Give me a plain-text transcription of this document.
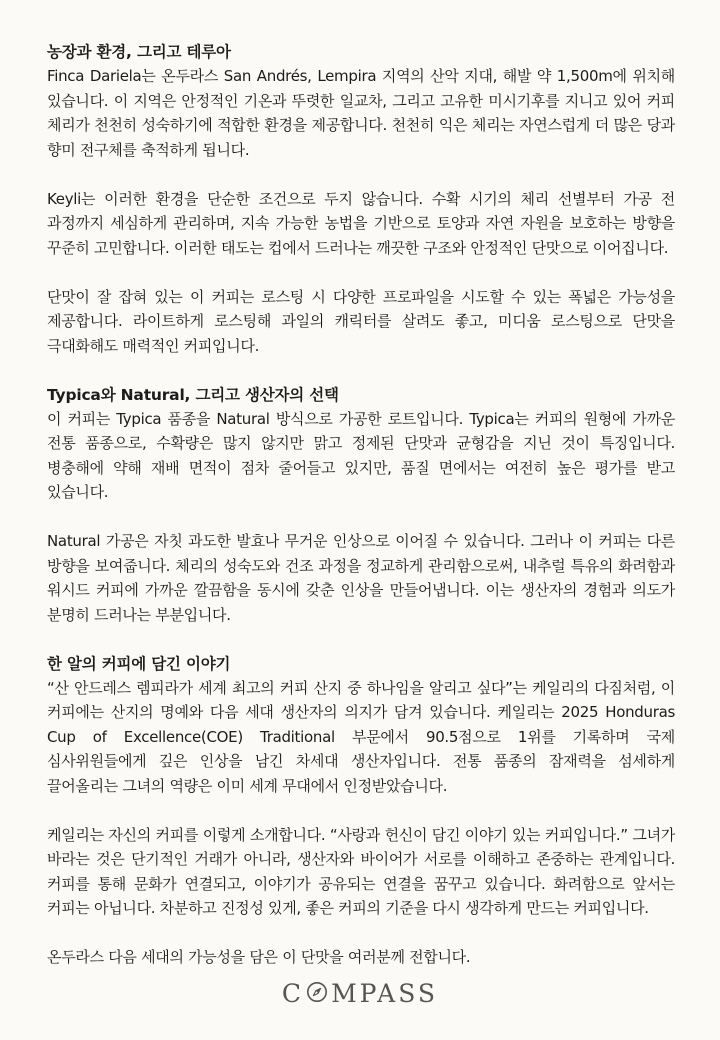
농장과 환경, 그리고 테루아

Finca Dariela는 온두라스 San Andrés, Lempira 지역의 산악 지대, 해발 약 1,500m에 위치해 있습니다. 이 지역은 안정적인 기온과 뚜렷한 일교차, 그리고 고유한 미시기후를 지니고 있어 커피 체리가 천천히 성숙하기에 적합한 환경을 제공합니다. 천천히 익은 체리는 자연스럽게 더 많은 당과 향미 전구체를 축적하게 됩니다.

Keyli는 이러한 환경을 단순한 조건으로 두지 않습니다. 수확 시기의 체리 선별부터 가공 전 과정까지 세심하게 관리하며, 지속 가능한 농법을 기반으로 토양과 자연 자원을 보호하는 방향을 꾸준히 고민합니다. 이러한 태도는 컵에서 드러나는 깨끗한 구조와 안정적인 단맛으로 이어집니다.

단맛이 잘 잡혀 있는 이 커피는 로스팅 시 다양한 프로파일을 시도할 수 있는 폭넓은 가능성을 제공합니다. 라이트하게 로스팅해 과일의 캐릭터를 살려도 좋고, 미디움 로스팅으로 단맛을 극대화해도 매력적인 커피입니다.

Typica와 Natural, 그리고 생산자의 선택

이 커피는 Typica 품종을 Natural 방식으로 가공한 로트입니다. Typica는 커피의 원형에 가까운 전통 품종으로, 수확량은 많지 않지만 맑고 정제된 단맛과 균형감을 지닌 것이 특징입니다. 병충해에 약해 재배 면적이 점차 줄어들고 있지만, 품질 면에서는 여전히 높은 평가를 받고 있습니다.

Natural 가공은 자칫 과도한 발효나 무거운 인상으로 이어질 수 있습니다. 그러나 이 커피는 다른 방향을 보여줍니다. 체리의 성숙도와 건조 과정을 정교하게 관리함으로써, 내추럴 특유의 화려함과 워시드 커피에 가까운 깔끔함을 동시에 갖춘 인상을 만들어냅니다. 이는 생산자의 경험과 의도가 분명히 드러나는 부분입니다.

한 알의 커피에 담긴 이야기

“산 안드레스 렘피라가 세계 최고의 커피 산지 중 하나임을 알리고 싶다”는 케일리의 다짐처럼, 이 커피에는 산지의 명예와 다음 세대 생산자의 의지가 담겨 있습니다. 케일리는 2025 Honduras Cup of Excellence(COE) Traditional 부문에서 90.5점으로 1위를 기록하며 국제 심사위원들에게 깊은 인상을 남긴 차세대 생산자입니다. 전통 품종의 잠재력을 섬세하게 끌어올리는 그녀의 역량은 이미 세계 무대에서 인정받았습니다.

케일리는 자신의 커피를 이렇게 소개합니다. “사랑과 헌신이 담긴 이야기 있는 커피입니다.” 그녀가 바라는 것은 단기적인 거래가 아니라, 생산자와 바이어가 서로를 이해하고 존중하는 관계입니다. 커피를 통해 문화가 연결되고, 이야기가 공유되는 연결을 꿈꾸고 있습니다. 화려함으로 앞서는 커피는 아닙니다. 차분하고 진정성 있게, 좋은 커피의 기준을 다시 생각하게 만드는 커피입니다.

온두라스 다음 세대의 가능성을 담은 이 단맛을 여러분께 전합니다.

C MPASS
